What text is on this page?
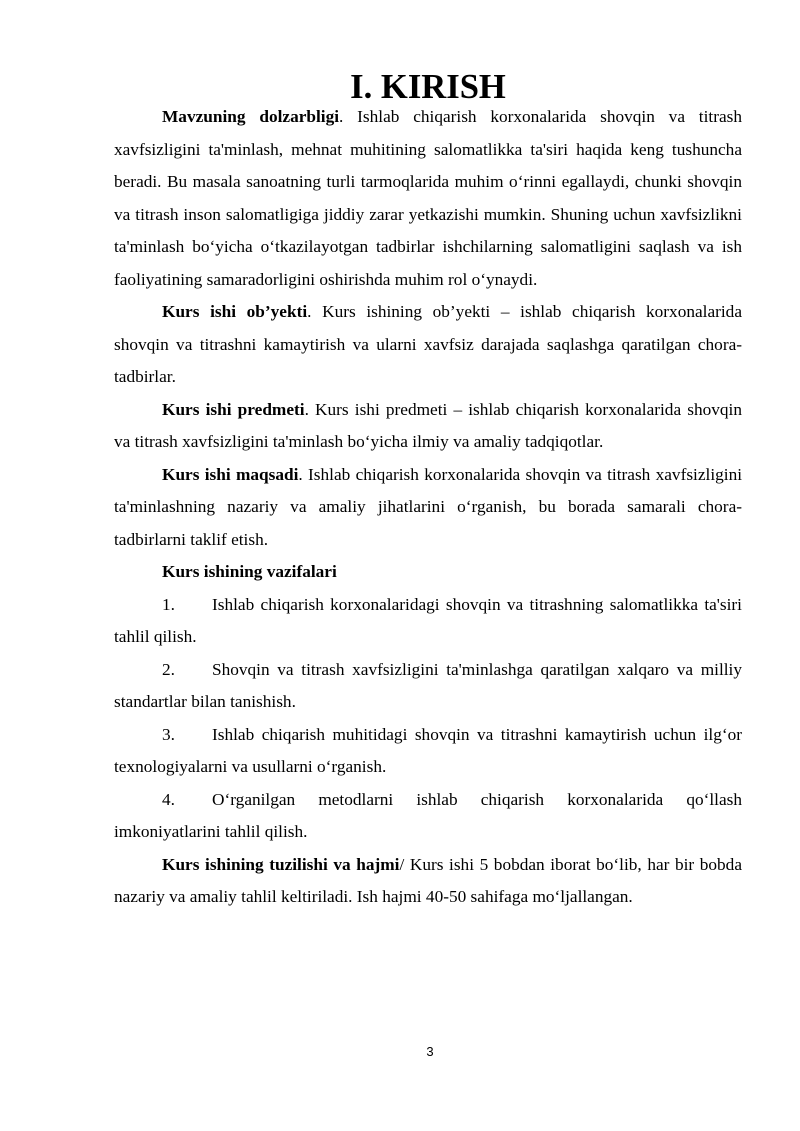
I. KIRISH

Mavzuning dolzarbligi. Ishlab chiqarish korxonalarida shovqin va titrash xavfsizligini ta'minlash, mehnat muhitining salomatlikka ta'siri haqida keng tushuncha beradi. Bu masala sanoatning turli tarmoqlarida muhim o‘rinni egallaydi, chunki shovqin va titrash inson salomatligiga jiddiy zarar yetkazishi mumkin. Shuning uchun xavfsizlikni ta'minlash bo‘yicha o‘tkazilayotgan tadbirlar ishchilarning salomatligini saqlash va ish faoliyatining samaradorligini oshirishda muhim rol o‘ynaydi.

Kurs ishi ob’yekti. Kurs ishining ob’yekti – ishlab chiqarish korxonalarida shovqin va titrashni kamaytirish va ularni xavfsiz darajada saqlashga qaratilgan chora-tadbirlar.

Kurs ishi predmeti. Kurs ishi predmeti – ishlab chiqarish korxonalarida shovqin va titrash xavfsizligini ta'minlash bo‘yicha ilmiy va amaliy tadqiqotlar.

Kurs ishi maqsadi. Ishlab chiqarish korxonalarida shovqin va titrash xavfsizligini ta'minlashning nazariy va amaliy jihatlarini o‘rganish, bu borada samarali chora-tadbirlarni taklif etish.

Kurs ishining vazifalari

1. Ishlab chiqarish korxonalaridagi shovqin va titrashning salomatlikka ta'siri tahlil qilish.

2. Shovqin va titrash xavfsizligini ta'minlashga qaratilgan xalqaro va milliy standartlar bilan tanishish.

3. Ishlab chiqarish muhitidagi shovqin va titrashni kamaytirish uchun ilg‘or texnologiyalarni va usullarni o‘rganish.

4. O‘rganilgan metodlarni ishlab chiqarish korxonalarida qo‘llash imkoniyatlarini tahlil qilish.

Kurs ishining tuzilishi va hajmi/ Kurs ishi 5 bobdan iborat bo‘lib, har bir bobda nazariy va amaliy tahlil keltiriladi. Ish hajmi 40-50 sahifaga mo‘ljallangan.

3
